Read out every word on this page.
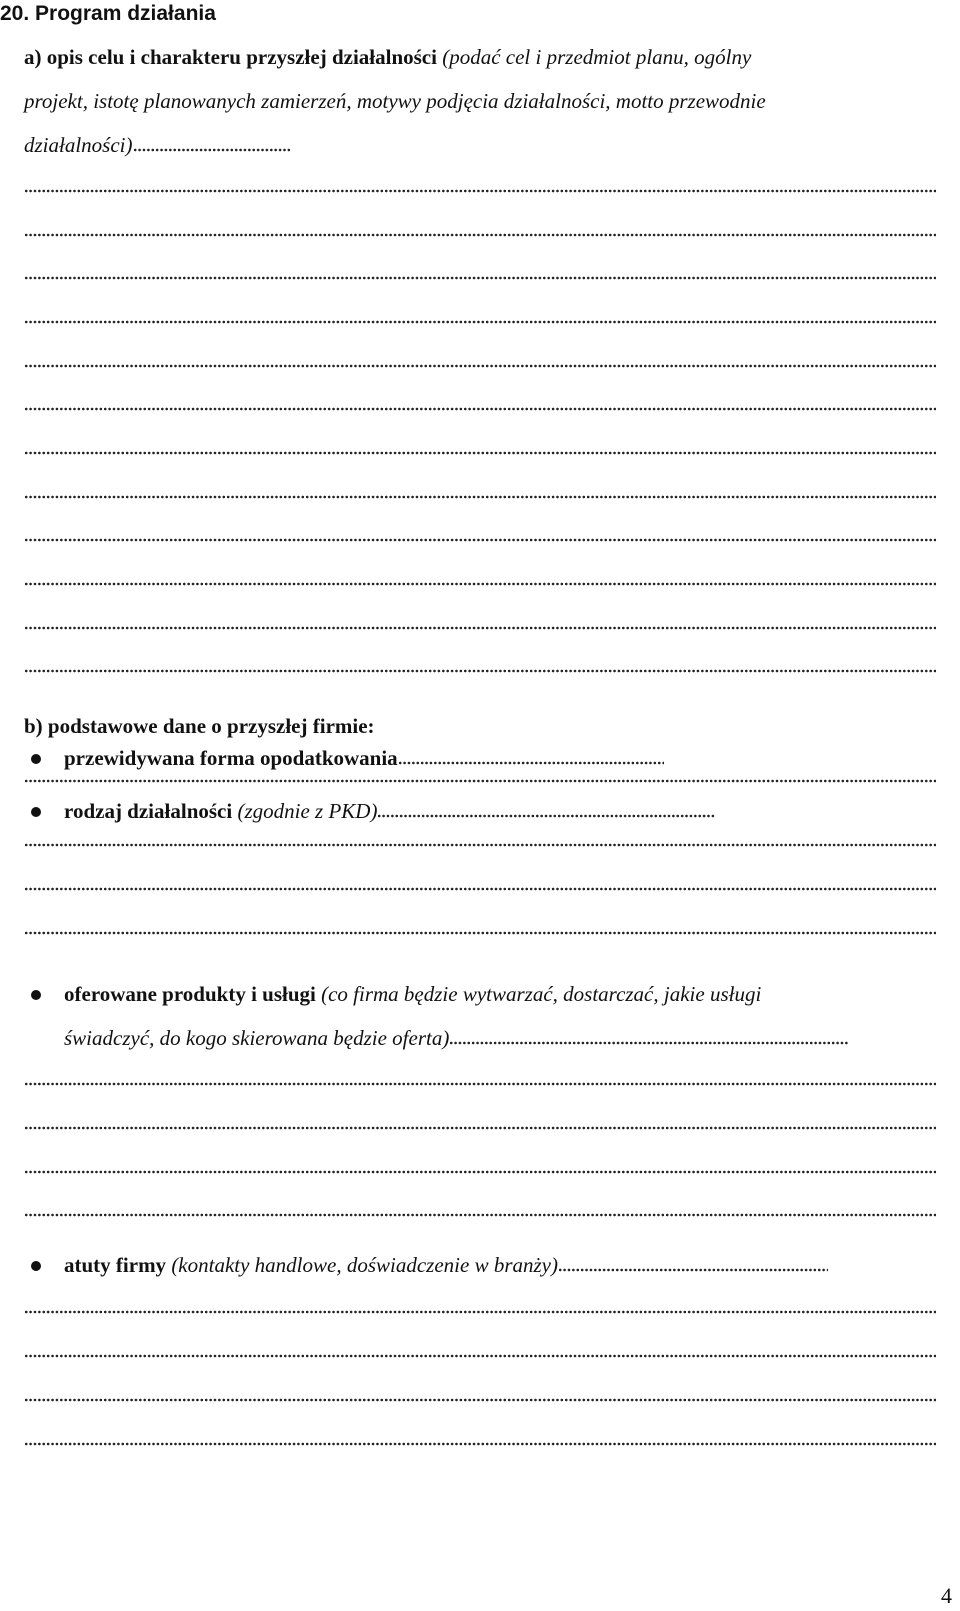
20. Program działania
a) opis celu i charakteru przyszłej działalności (podać cel i przedmiot planu, ogólny
projekt, istotę planowanych zamierzeń, motywy podjęcia działalności, motto przewodnie
działalności)
b) podstawowe dane o przyszłej firmie:
przewidywana forma opodatkowania
rodzaj działalności (zgodnie z PKD)
oferowane produkty i usługi (co firma będzie wytwarzać, dostarczać, jakie usługi
świadczyć, do kogo skierowana będzie oferta)
atuty firmy (kontakty handlowe, doświadczenie w branży)
4
